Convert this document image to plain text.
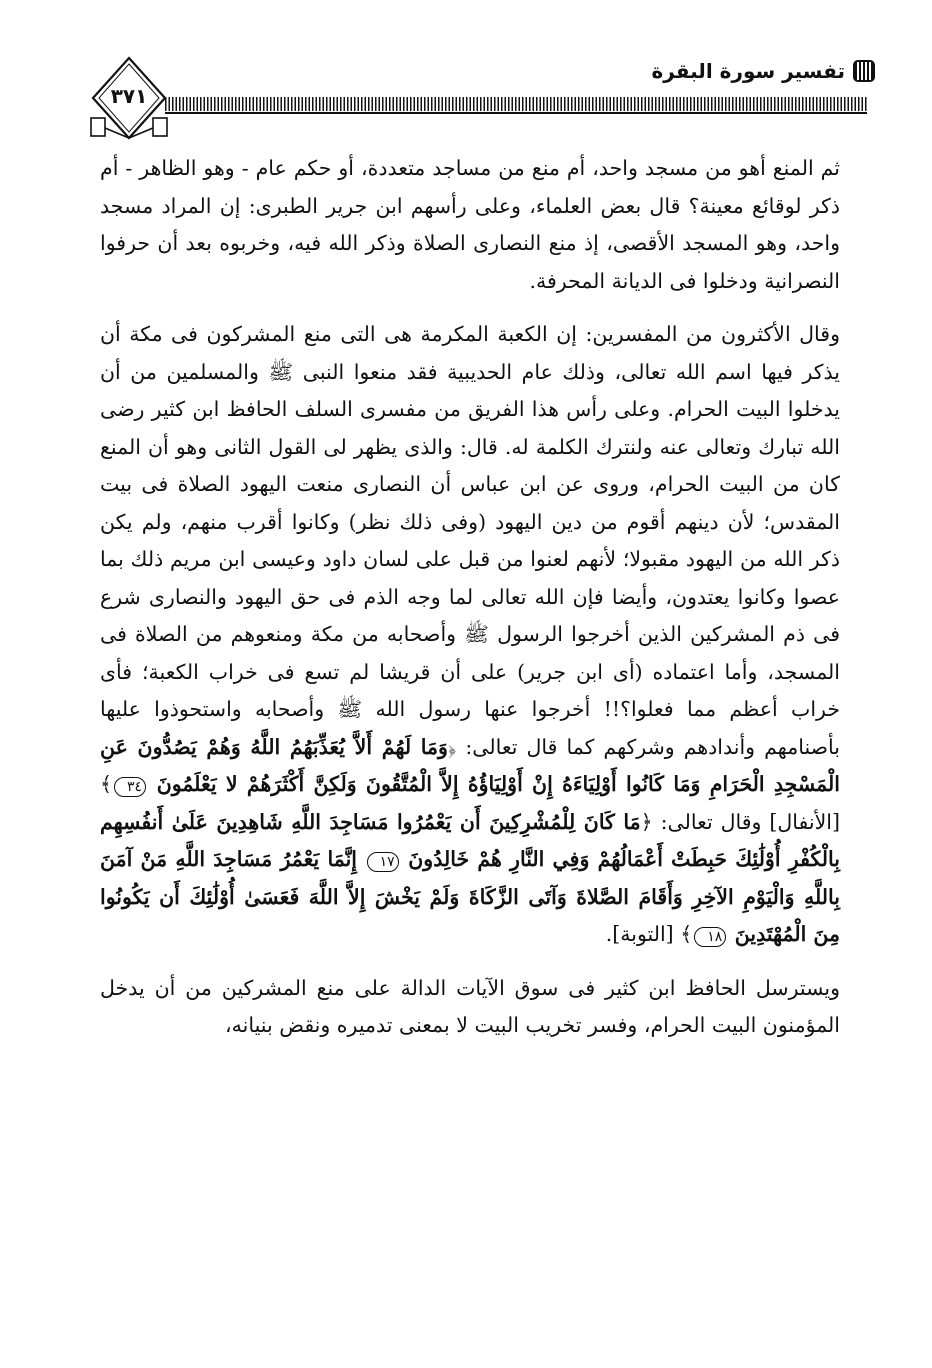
تفسير سورة البقرة
٣٧١

ثم المنع أهو من مسجد واحد، أم منع من مساجد متعددة، أو حكم عام - وهو الظاهر - أم ذكر لوقائع معينة؟ قال بعض العلماء، وعلى رأسهم ابن جرير الطبرى: إن المراد مسجد واحد، وهو المسجد الأقصى، إذ منع النصارى الصلاة وذكر الله فيه، وخربوه بعد أن حرفوا النصرانية ودخلوا فى الديانة المحرفة.

وقال الأكثرون من المفسرين: إن الكعبة المكرمة هى التى منع المشركون فى مكة أن يذكر فيها اسم الله تعالى، وذلك عام الحديبية فقد منعوا النبى ﷺ والمسلمين من أن يدخلوا البيت الحرام. وعلى رأس هذا الفريق من مفسرى السلف الحافظ ابن كثير رضى الله تبارك وتعالى عنه ولنترك الكلمة له. قال: والذى يظهر لى القول الثانى وهو أن المنع كان من البيت الحرام، وروى عن ابن عباس أن النصارى منعت اليهود الصلاة فى بيت المقدس؛ لأن دينهم أقوم من دين اليهود (وفى ذلك نظر) وكانوا أقرب منهم، ولم يكن ذكر الله من اليهود مقبولا؛ لأنهم لعنوا من قبل على لسان داود وعيسى ابن مريم ذلك بما عصوا وكانوا يعتدون، وأيضا فإن الله تعالى لما وجه الذم فى حق اليهود والنصارى شرع فى ذم المشركين الذين أخرجوا الرسول ﷺ وأصحابه من مكة ومنعوهم من الصلاة فى المسجد، وأما اعتماده (أى ابن جرير) على أن قريشا لم تسع فى خراب الكعبة؛ فأى خراب أعظم مما فعلوا؟!! أخرجوا عنها رسول الله ﷺ وأصحابه واستحوذوا عليها بأصنامهم وأندادهم وشركهم كما قال تعالى: ﴿وَمَا لَهُمْ أَلاَّ يُعَذِّبَهُمُ اللَّهُ وَهُمْ يَصُدُّونَ عَنِ الْمَسْجِدِ الْحَرَامِ وَمَا كَانُوا أَوْلِيَاءَهُ إِنْ أَوْلِيَاؤُهُ إِلاَّ الْمُتَّقُونَ وَلَكِنَّ أَكْثَرَهُمْ لا يَعْلَمُونَ ٣٤﴾ [الأنفال] وقال تعالى: ﴿مَا كَانَ لِلْمُشْرِكِينَ أَن يَعْمُرُوا مَسَاجِدَ اللَّهِ شَاهِدِينَ عَلَىٰ أَنفُسِهِم بِالْكُفْرِ أُوْلَٰئِكَ حَبِطَتْ أَعْمَالُهُمْ وَفِي النَّارِ هُمْ خَالِدُونَ ١٧ إِنَّمَا يَعْمُرُ مَسَاجِدَ اللَّهِ مَنْ آمَنَ بِاللَّهِ وَالْيَوْمِ الآخِرِ وَأَقَامَ الصَّلاةَ وَآتَى الزَّكَاةَ وَلَمْ يَخْشَ إِلاَّ اللَّهَ فَعَسَىٰ أُوْلَٰئِكَ أَن يَكُونُوا مِنَ الْمُهْتَدِينَ ١٨﴾ [التوبة].

ويسترسل الحافظ ابن كثير فى سوق الآيات الدالة على منع المشركين من أن يدخل المؤمنون البيت الحرام، وفسر تخريب البيت لا بمعنى تدميره ونقض بنيانه،
